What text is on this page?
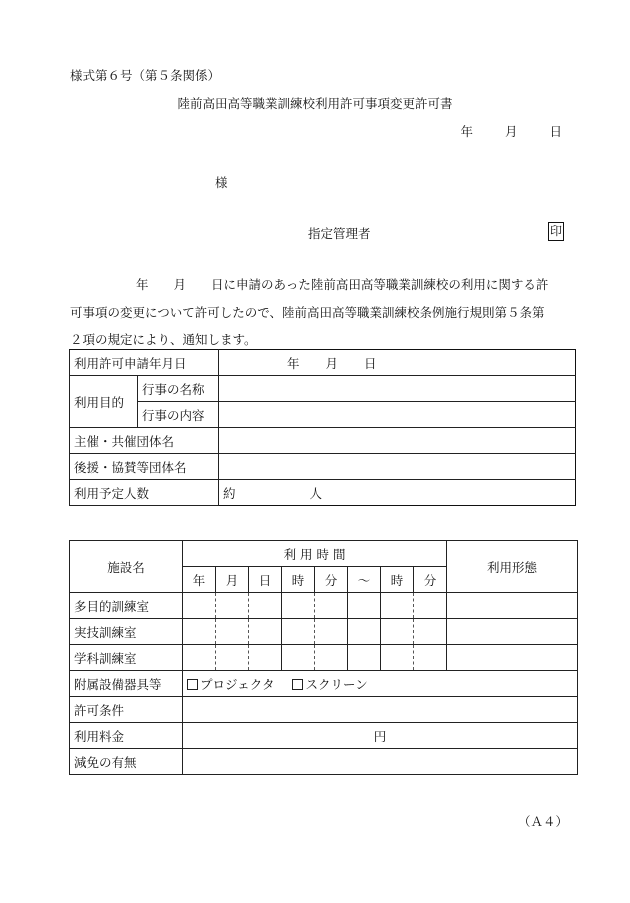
様式第６号（第５条関係）
陸前高田高等職業訓練校利用許可事項変更許可書
年	月	日
様
指定管理者	印
年　　月　　日に申請のあった陸前高田高等職業訓練校の利用に関する許
可事項の変更について許可したので、陸前高田高等職業訓練校条例施行規則第５条第
２項の規定により、通知します。
利用許可申請年月日		年 月 日
利用目的	行事の名称	
	行事の内容	
主催・共催団体名		
後援・協賛等団体名		
利用予定人数		約 人
施設名	利 用 時 間								利用形態
	年	月	日	時	分	～	時	分	
多目的訓練室									
実技訓練室									
学科訓練室									
附属設備器具等	プロジェクタ スクリーン								
許可条件									
利用料金	円								
減免の有無									
（Ａ４）
